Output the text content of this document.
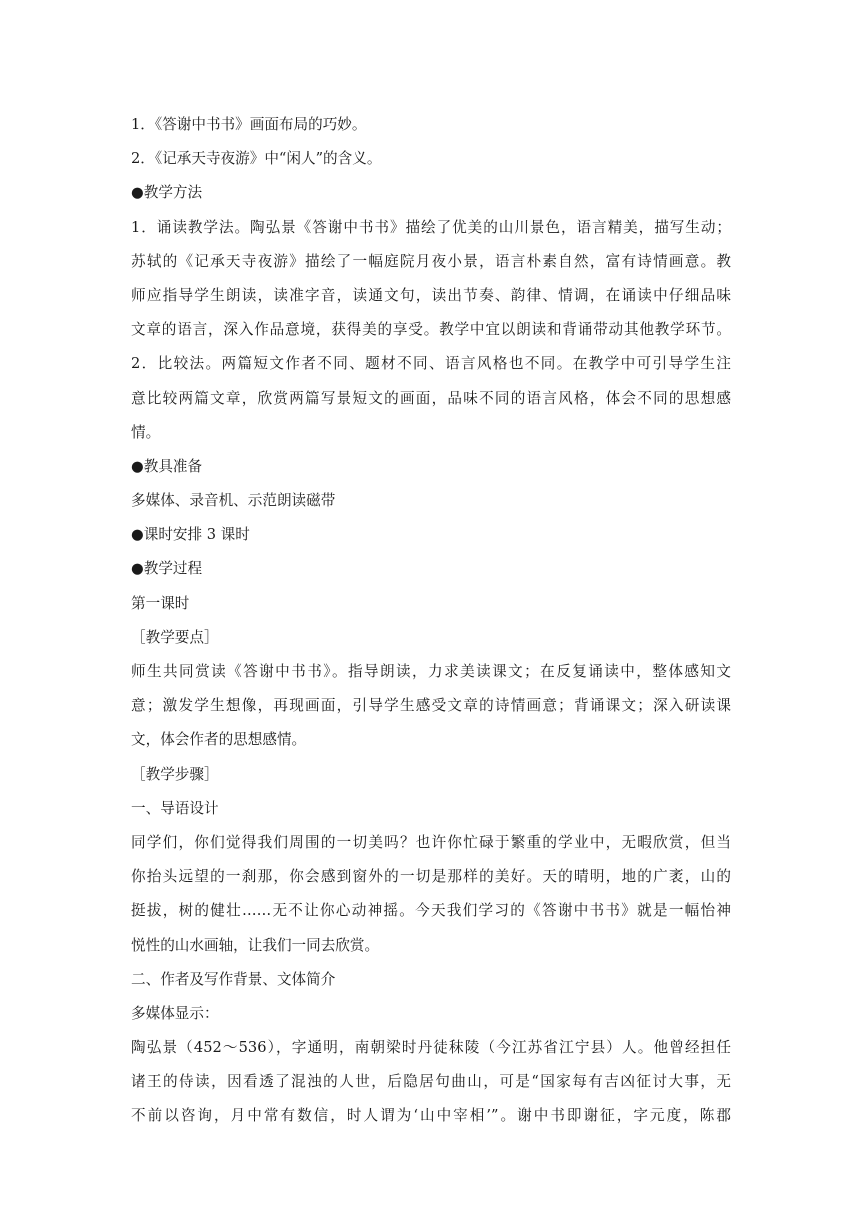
1．《答谢中书书》画面布局的巧妙。
2．《记承天寺夜游》中“闲人”的含义。
●教学方法
1．诵读教学法。陶弘景《答谢中书书》描绘了优美的山川景色，语言精美，描写生动；
苏轼的《记承天寺夜游》描绘了一幅庭院月夜小景，语言朴素自然，富有诗情画意。教
师应指导学生朗读，读准字音，读通文句，读出节奏、韵律、情调，在诵读中仔细品味
文章的语言，深入作品意境，获得美的享受。教学中宜以朗读和背诵带动其他教学环节。
2．比较法。两篇短文作者不同、题材不同、语言风格也不同。在教学中可引导学生注
意比较两篇文章，欣赏两篇写景短文的画面，品味不同的语言风格，体会不同的思想感
情。
●教具准备
多媒体、录音机、示范朗读磁带
●课时安排 3 课时
●教学过程
第一课时
［教学要点］
师生共同赏读《答谢中书书》。指导朗读，力求美读课文；在反复诵读中，整体感知文
意；激发学生想像，再现画面，引导学生感受文章的诗情画意；背诵课文；深入研读课
文，体会作者的思想感情。
［教学步骤］
一、导语设计
同学们，你们觉得我们周围的一切美吗？也许你忙碌于繁重的学业中，无暇欣赏，但当
你抬头远望的一刹那，你会感到窗外的一切是那样的美好。天的晴明，地的广袤，山的
挺拔，树的健壮……无不让你心动神摇。今天我们学习的《答谢中书书》就是一幅怡神
悦性的山水画轴，让我们一同去欣赏。
二、作者及写作背景、文体简介
多媒体显示：
陶弘景（452～536），字通明，南朝梁时丹徒秣陵（今江苏省江宁县）人。他曾经担任
诸王的侍读，因看透了混浊的人世，后隐居句曲山，可是“国家每有吉凶征讨大事，无
不前以咨询，月中常有数信，时人谓为‘山中宰相’”。谢中书即谢征，字元度，陈郡
